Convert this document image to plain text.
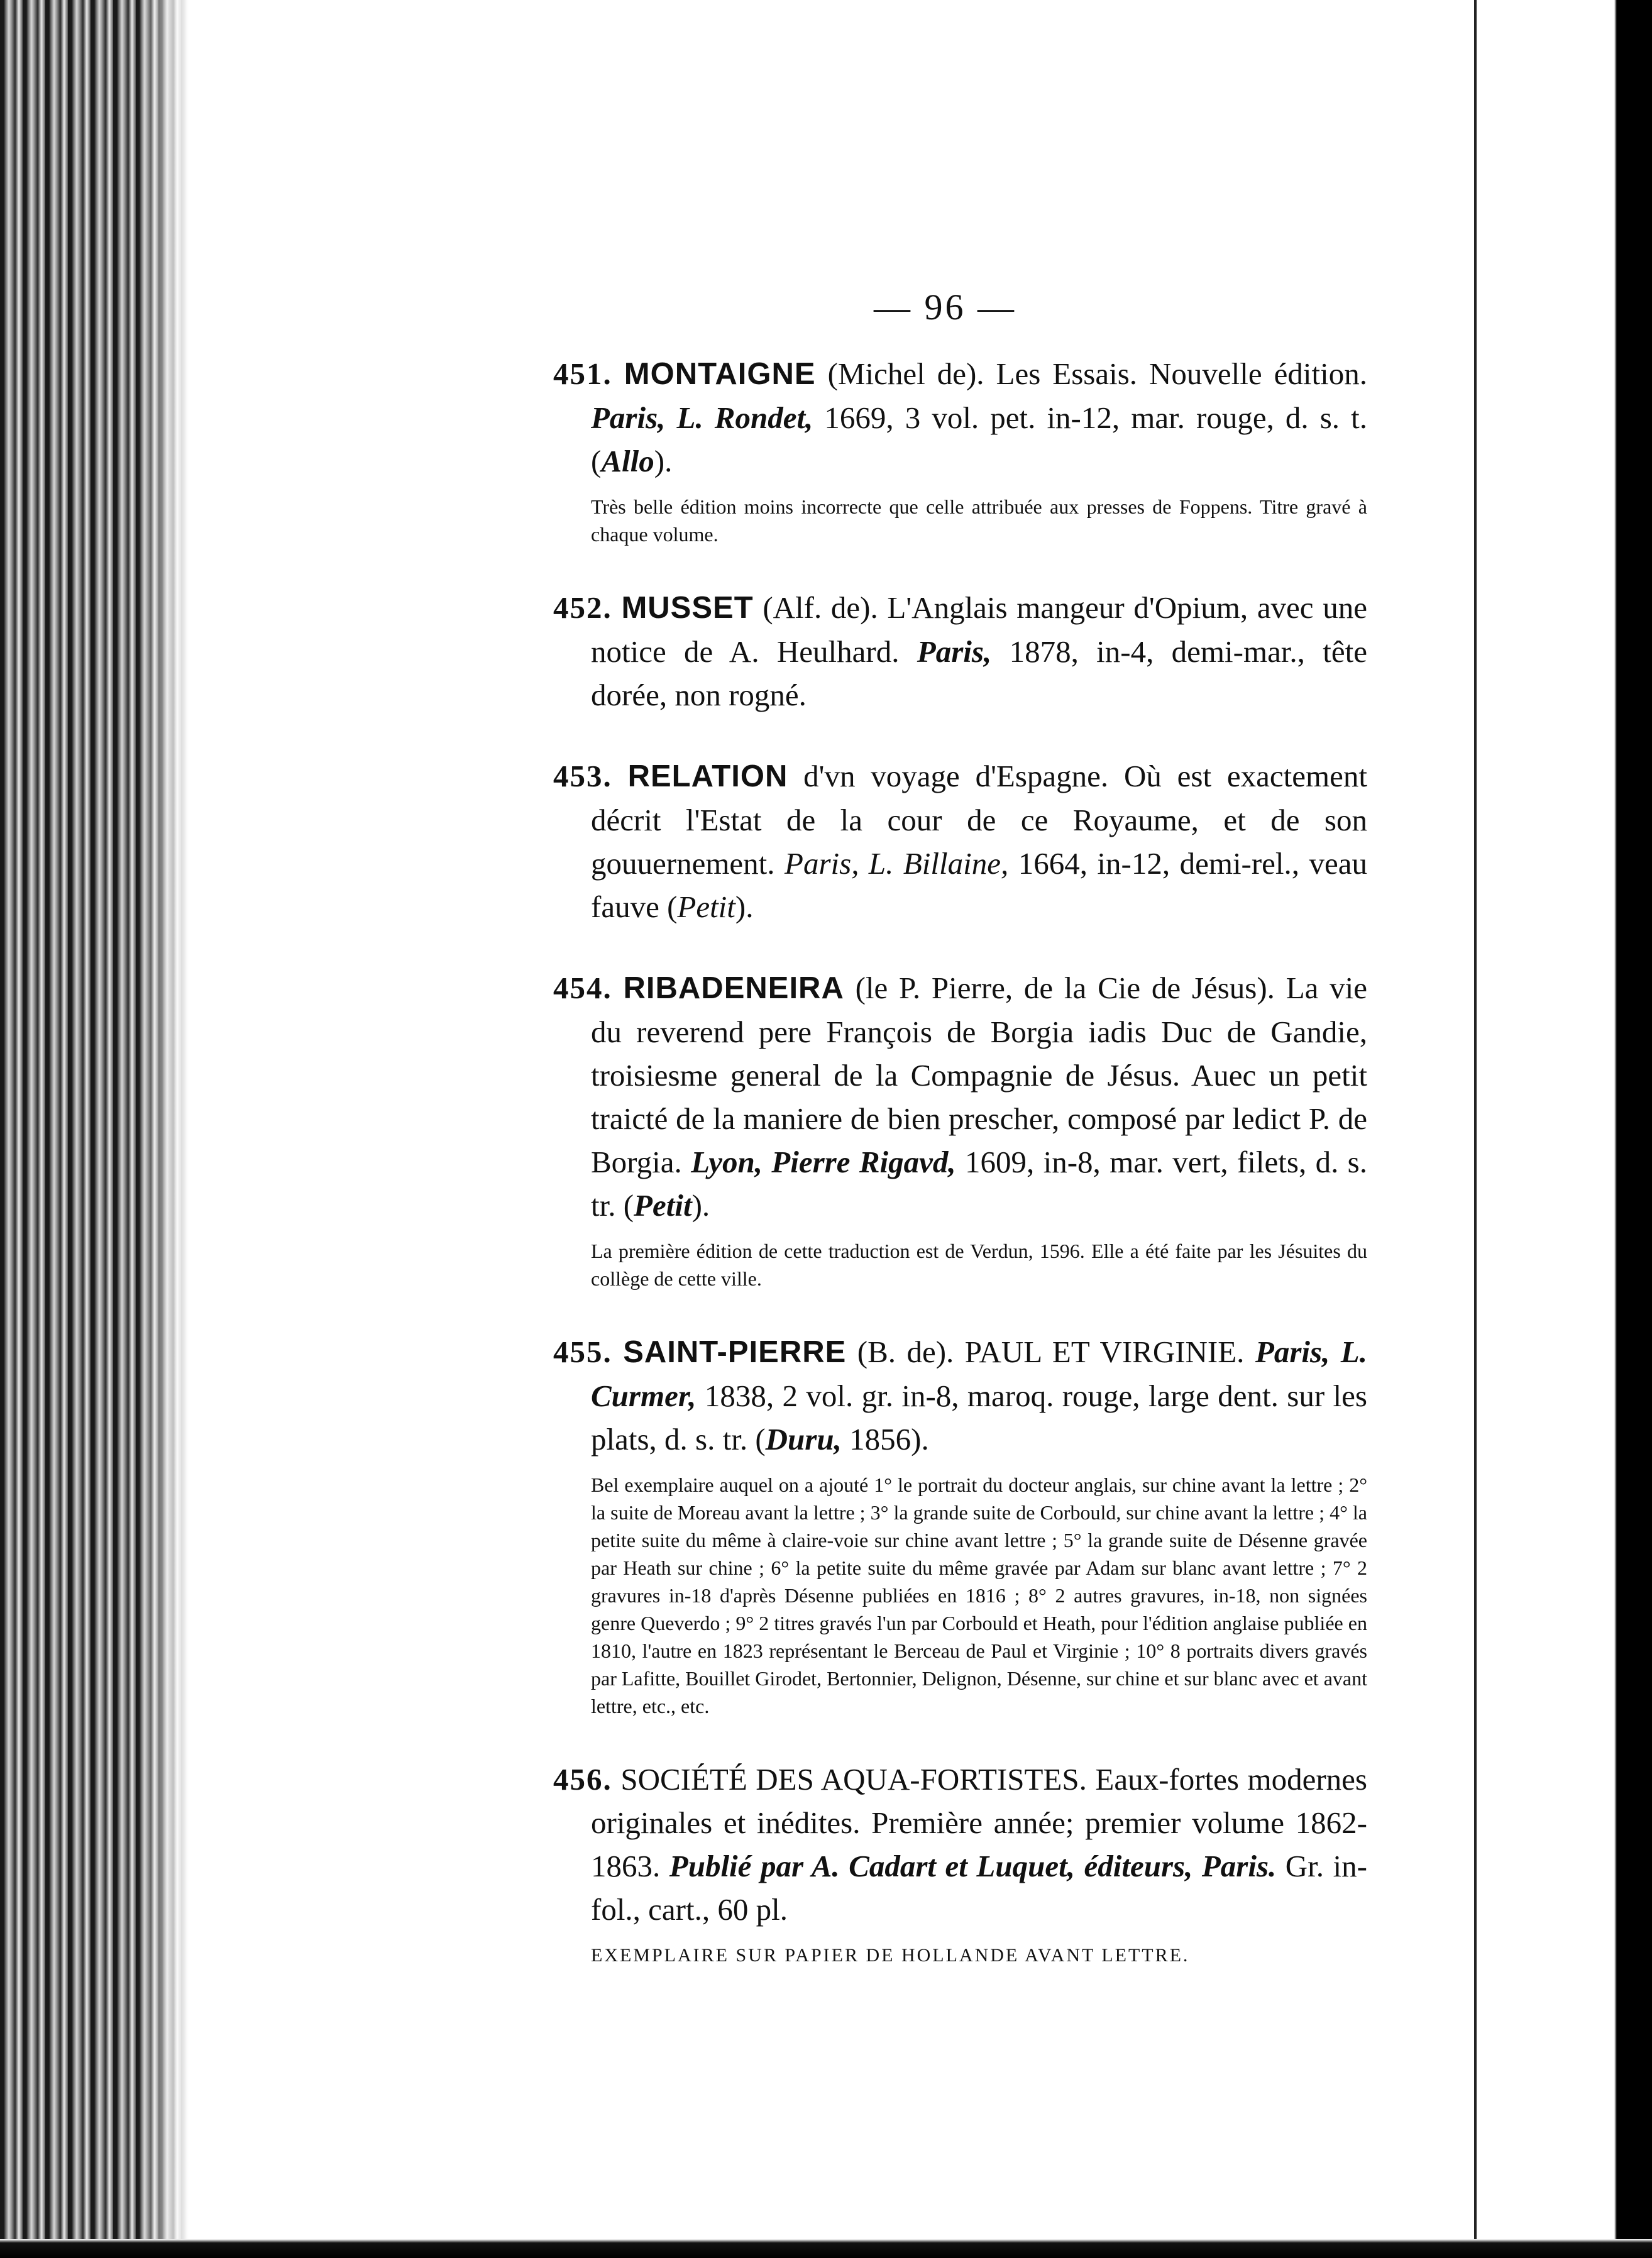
— 96 —

451. MONTAIGNE (Michel de). Les Essais. Nouvelle édition. Paris, L. Rondet, 1669, 3 vol. pet. in-12, mar. rouge, d. s. t. (Allo).

Très belle édition moins incorrecte que celle attribuée aux presses de Foppens. Titre gravé à chaque volume.

452. MUSSET (Alf. de). L'Anglais mangeur d'Opium, avec une notice de A. Heulhard. Paris, 1878, in-4, demi-mar., tête dorée, non rogné.

453. RELATION d'vn voyage d'Espagne. Où est exactement décrit l'Estat de la cour de ce Royaume, et de son gouuernement. Paris, L. Billaine, 1664, in-12, demi-rel., veau fauve (Petit).

454. RIBADENEIRA (le P. Pierre, de la Cie de Jésus). La vie du reverend pere François de Borgia iadis Duc de Gandie, troisiesme general de la Compagnie de Jésus. Auec un petit traicté de la maniere de bien prescher, composé par ledict P. de Borgia. Lyon, Pierre Rigavd, 1609, in-8, mar. vert, filets, d. s. tr. (Petit).

La première édition de cette traduction est de Verdun, 1596. Elle a été faite par les Jésuites du collège de cette ville.

455. SAINT-PIERRE (B. de). PAUL ET VIRGINIE. Paris, L. Curmer, 1838, 2 vol. gr. in-8, maroq. rouge, large dent. sur les plats, d. s. tr. (Duru, 1856).

Bel exemplaire auquel on a ajouté 1° le portrait du docteur anglais, sur chine avant la lettre ; 2° la suite de Moreau avant la lettre ; 3° la grande suite de Corbould, sur chine avant la lettre ; 4° la petite suite du même à claire-voie sur chine avant lettre ; 5° la grande suite de Désenne gravée par Heath sur chine ; 6° la petite suite du même gravée par Adam sur blanc avant lettre ; 7° 2 gravures in-18 d'après Désenne publiées en 1816 ; 8° 2 autres gravures, in-18, non signées genre Queverdo ; 9° 2 titres gravés l'un par Corbould et Heath, pour l'édition anglaise publiée en 1810, l'autre en 1823 représentant le Berceau de Paul et Virginie ; 10° 8 portraits divers gravés par Lafitte, Bouillet Girodet, Bertonnier, Delignon, Désenne, sur chine et sur blanc avec et avant lettre, etc., etc.

456. SOCIÉTÉ DES AQUA-FORTISTES. Eaux-fortes modernes originales et inédites. Première année; premier volume 1862-1863. Publié par A. Cadart et Luquet, éditeurs, Paris. Gr. in-fol., cart., 60 pl.

EXEMPLAIRE SUR PAPIER DE HOLLANDE AVANT LETTRE.
